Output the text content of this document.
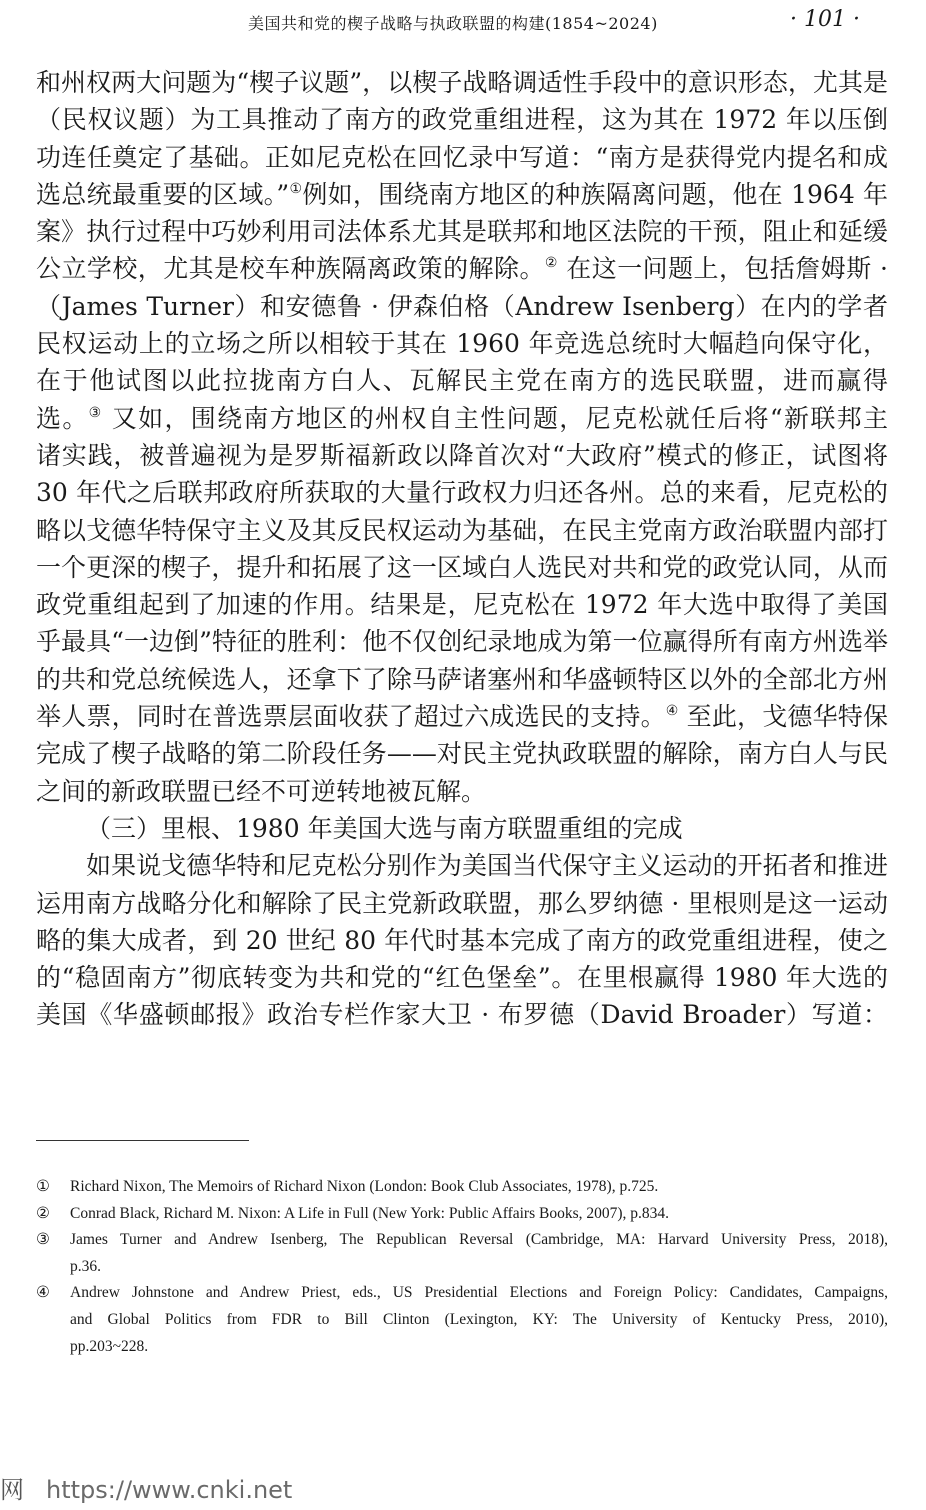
美国共和党的楔子战略与执政联盟的构建(1854~2024)	· 101 ·
和州权两大问题为“楔子议题”，以楔子战略调适性手段中的意识形态，尤其是
（民权议题）为工具推动了南方的政党重组进程，这为其在 1972 年以压倒
功连任奠定了基础。正如尼克松在回忆录中写道：“南方是获得党内提名和成
选总统最重要的区域。”①例如，围绕南方地区的种族隔离问题，他在 1964 年
案》执行过程中巧妙利用司法体系尤其是联邦和地区法院的干预，阻止和延缓
公立学校，尤其是校车种族隔离政策的解除。② 在这一问题上，包括詹姆斯 ·
（James Turner）和安德鲁 · 伊森伯格（Andrew Isenberg）在内的学者
民权运动上的立场之所以相较于其在 1960 年竞选总统时大幅趋向保守化，
在于他试图以此拉拢南方白人、瓦解民主党在南方的选民联盟，进而赢得
选。③ 又如，围绕南方地区的州权自主性问题，尼克松就任后将“新联邦主
诸实践，被普遍视为是罗斯福新政以降首次对“大政府”模式的修正，试图将
30 年代之后联邦政府所获取的大量行政权力归还各州。总的来看，尼克松的
略以戈德华特保守主义及其反民权运动为基础，在民主党南方政治联盟内部打
一个更深的楔子，提升和拓展了这一区域白人选民对共和党的政党认同，从而
政党重组起到了加速的作用。结果是，尼克松在 1972 年大选中取得了美国
乎最具“一边倒”特征的胜利：他不仅创纪录地成为第一位赢得所有南方州选举
的共和党总统候选人，还拿下了除马萨诸塞州和华盛顿特区以外的全部北方州
举人票，同时在普选票层面收获了超过六成选民的支持。④ 至此，戈德华特保
完成了楔子战略的第二阶段任务——对民主党执政联盟的解除，南方白人与民
之间的新政联盟已经不可逆转地被瓦解。
（三）里根、1980 年美国大选与南方联盟重组的完成
如果说戈德华特和尼克松分别作为美国当代保守主义运动的开拓者和推进
运用南方战略分化和解除了民主党新政联盟，那么罗纳德 · 里根则是这一运动
略的集大成者，到 20 世纪 80 年代时基本完成了南方的政党重组进程，使之
的“稳固南方”彻底转变为共和党的“红色堡垒”。在里根赢得 1980 年大选的
美国《华盛顿邮报》政治专栏作家大卫 · 布罗德（David Broader）写道：
① Richard Nixon, The Memoirs of Richard Nixon (London: Book Club Associates, 1978), p.725.
② Conrad Black, Richard M. Nixon: A Life in Full (New York: Public Affairs Books, 2007), p.834.
③ James Turner and Andrew Isenberg, The Republican Reversal (Cambridge, MA: Harvard University Press, 2018),
p.36.
④ Andrew Johnstone and Andrew Priest, eds., US Presidential Elections and Foreign Policy: Candidates, Campaigns,
and Global Politics from FDR to Bill Clinton (Lexington, KY: The University of Kentucky Press, 2010),
pp.203~228.
网 https://www.cnki.net
